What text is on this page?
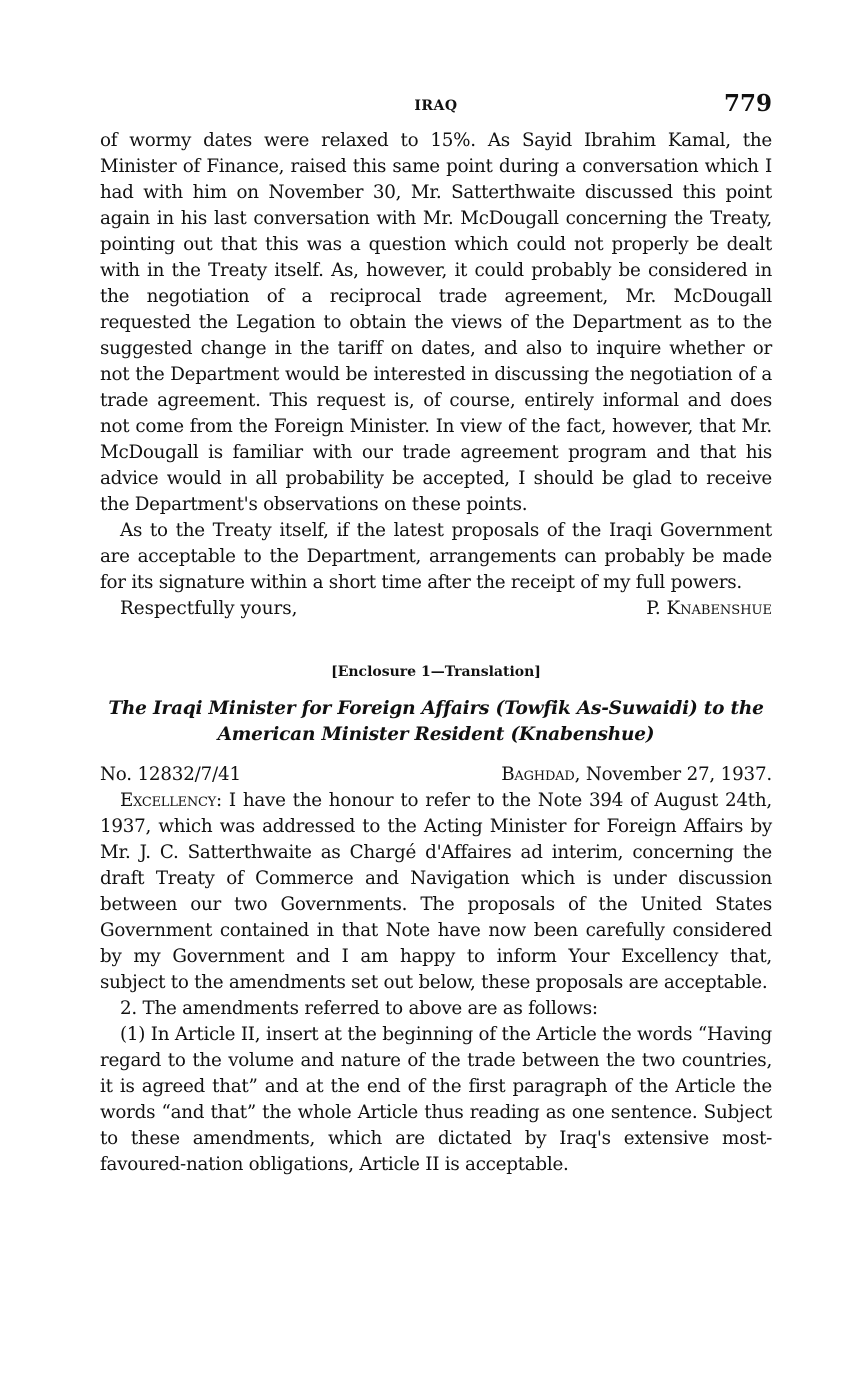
IRAQ	779

of wormy dates were relaxed to 15%. As Sayid Ibrahim Kamal, the Minister of Finance, raised this same point during a conversation which I had with him on November 30, Mr. Satterthwaite discussed this point again in his last conversation with Mr. McDougall concerning the Treaty, pointing out that this was a question which could not properly be dealt with in the Treaty itself. As, however, it could probably be considered in the negotiation of a reciprocal trade agreement, Mr. McDougall requested the Legation to obtain the views of the Department as to the suggested change in the tariff on dates, and also to inquire whether or not the Department would be interested in discussing the negotiation of a trade agreement. This request is, of course, entirely informal and does not come from the Foreign Minister. In view of the fact, however, that Mr. McDougall is familiar with our trade agreement program and that his advice would in all probability be accepted, I should be glad to receive the Department's observations on these points.

As to the Treaty itself, if the latest proposals of the Iraqi Government are acceptable to the Department, arrangements can probably be made for its signature within a short time after the receipt of my full powers.

Respectfully yours,	P. Knabenshue
[Enclosure 1—Translation]
The Iraqi Minister for Foreign Affairs (Towfik As-Suwaidi) to the
American Minister Resident (Knabenshue)
No. 12832/7/41	Baghdad, November 27, 1937.

Excellency: I have the honour to refer to the Note 394 of August 24th, 1937, which was addressed to the Acting Minister for Foreign Affairs by Mr. J. C. Satterthwaite as Chargé d'Affaires ad interim, concerning the draft Treaty of Commerce and Navigation which is under discussion between our two Governments. The proposals of the United States Government contained in that Note have now been carefully considered by my Government and I am happy to inform Your Excellency that, subject to the amendments set out below, these proposals are acceptable.

2. The amendments referred to above are as follows:

(1) In Article II, insert at the beginning of the Article the words “Having regard to the volume and nature of the trade between the two countries, it is agreed that” and at the end of the first paragraph of the Article the words “and that” the whole Article thus reading as one sentence. Subject to these amendments, which are dictated by Iraq's extensive most-favoured-nation obligations, Article II is acceptable.
